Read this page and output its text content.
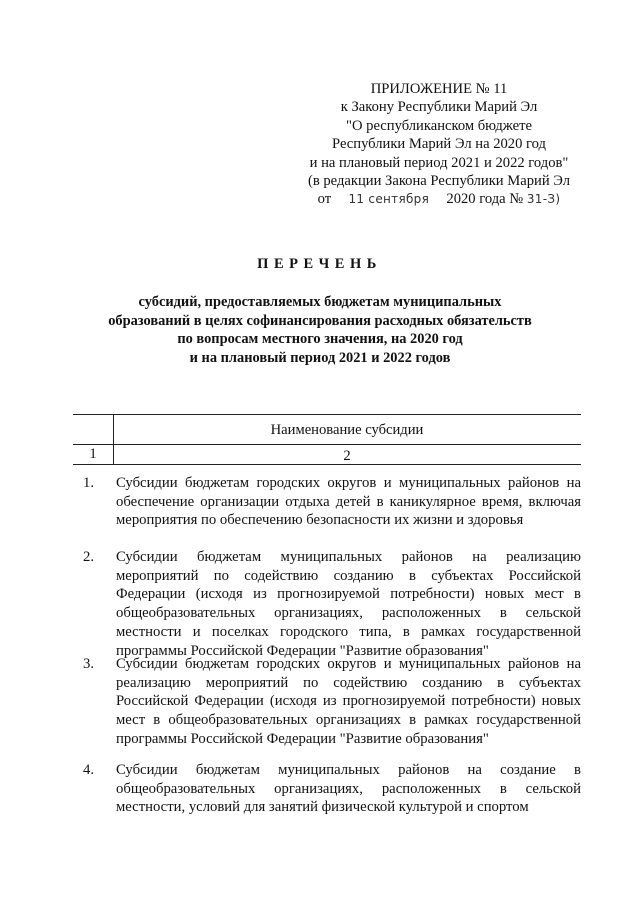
ПРИЛОЖЕНИЕ № 11
к Закону Республики Марий Эл
"О республиканском бюджете
Республики Марий Эл на 2020 год
и на плановый период 2021 и 2022 годов"
(в редакции Закона Республики Марий Эл
от 11 сентября 2020 года № 31-З)
ПЕРЕЧЕНЬ
субсидий, предоставляемых бюджетам муниципальных
образований в целях софинансирования расходных обязательств
по вопросам местного значения, на 2020 год
и на плановый период 2021 и 2022 годов
Наименование субсидии
1	2
1. Субсидии бюджетам городских округов и муниципальных районов на обеспечение организации отдыха детей в каникулярное время, включая мероприятия по обеспечению безопасности их жизни и здоровья
2. Субсидии бюджетам муниципальных районов на реализацию мероприятий по содействию созданию в субъектах Российской Федерации (исходя из прогнозируемой потребности) новых мест в общеобразовательных организациях, расположенных в сельской местности и поселках городского типа, в рамках государственной программы Российской Федерации "Развитие образования"
3. Субсидии бюджетам городских округов и муниципальных районов на реализацию мероприятий по содействию созданию в субъектах Российской Федерации (исходя из прогнозируемой потребности) новых мест в общеобразовательных организациях в рамках государственной программы Российской Федерации "Развитие образования"
4. Субсидии бюджетам муниципальных районов на создание в общеобразовательных организациях, расположенных в сельской местности, условий для занятий физической культурой и спортом
